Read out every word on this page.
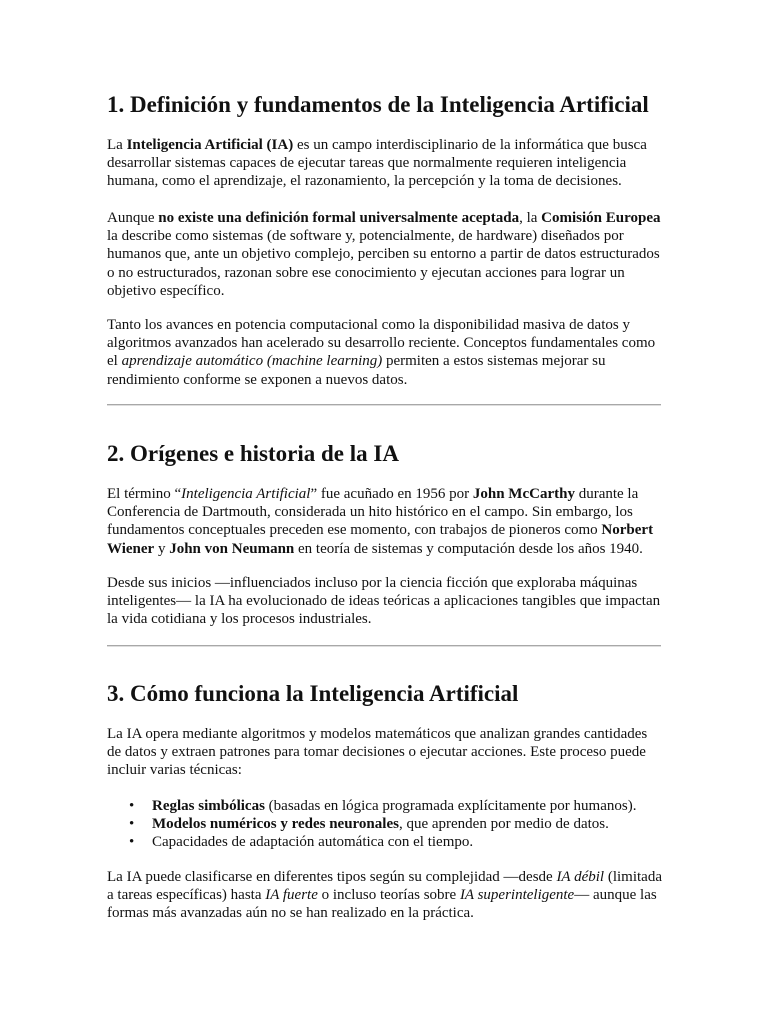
1. Definición y fundamentos de la Inteligencia Artificial

La Inteligencia Artificial (IA) es un campo interdisciplinario de la informática que busca desarrollar sistemas capaces de ejecutar tareas que normalmente requieren inteligencia humana, como el aprendizaje, el razonamiento, la percepción y la toma de decisiones.

Aunque no existe una definición formal universalmente aceptada, la Comisión Europea la describe como sistemas (de software y, potencialmente, de hardware) diseñados por humanos que, ante un objetivo complejo, perciben su entorno a partir de datos estructurados o no estructurados, razonan sobre ese conocimiento y ejecutan acciones para lograr un objetivo específico.

Tanto los avances en potencia computacional como la disponibilidad masiva de datos y algoritmos avanzados han acelerado su desarrollo reciente. Conceptos fundamentales como el aprendizaje automático (machine learning) permiten a estos sistemas mejorar su rendimiento conforme se exponen a nuevos datos.

2. Orígenes e historia de la IA

El término “Inteligencia Artificial” fue acuñado en 1956 por John McCarthy durante la Conferencia de Dartmouth, considerada un hito histórico en el campo. Sin embargo, los fundamentos conceptuales preceden ese momento, con trabajos de pioneros como Norbert Wiener y John von Neumann en teoría de sistemas y computación desde los años 1940.

Desde sus inicios —influenciados incluso por la ciencia ficción que exploraba máquinas inteligentes— la IA ha evolucionado de ideas teóricas a aplicaciones tangibles que impactan la vida cotidiana y los procesos industriales.

3. Cómo funciona la Inteligencia Artificial

La IA opera mediante algoritmos y modelos matemáticos que analizan grandes cantidades de datos y extraen patrones para tomar decisiones o ejecutar acciones. Este proceso puede incluir varias técnicas:

• Reglas simbólicas (basadas en lógica programada explícitamente por humanos).
• Modelos numéricos y redes neuronales, que aprenden por medio de datos.
• Capacidades de adaptación automática con el tiempo.

La IA puede clasificarse en diferentes tipos según su complejidad —desde IA débil (limitada a tareas específicas) hasta IA fuerte o incluso teorías sobre IA superinteligente— aunque las formas más avanzadas aún no se han realizado en la práctica.
